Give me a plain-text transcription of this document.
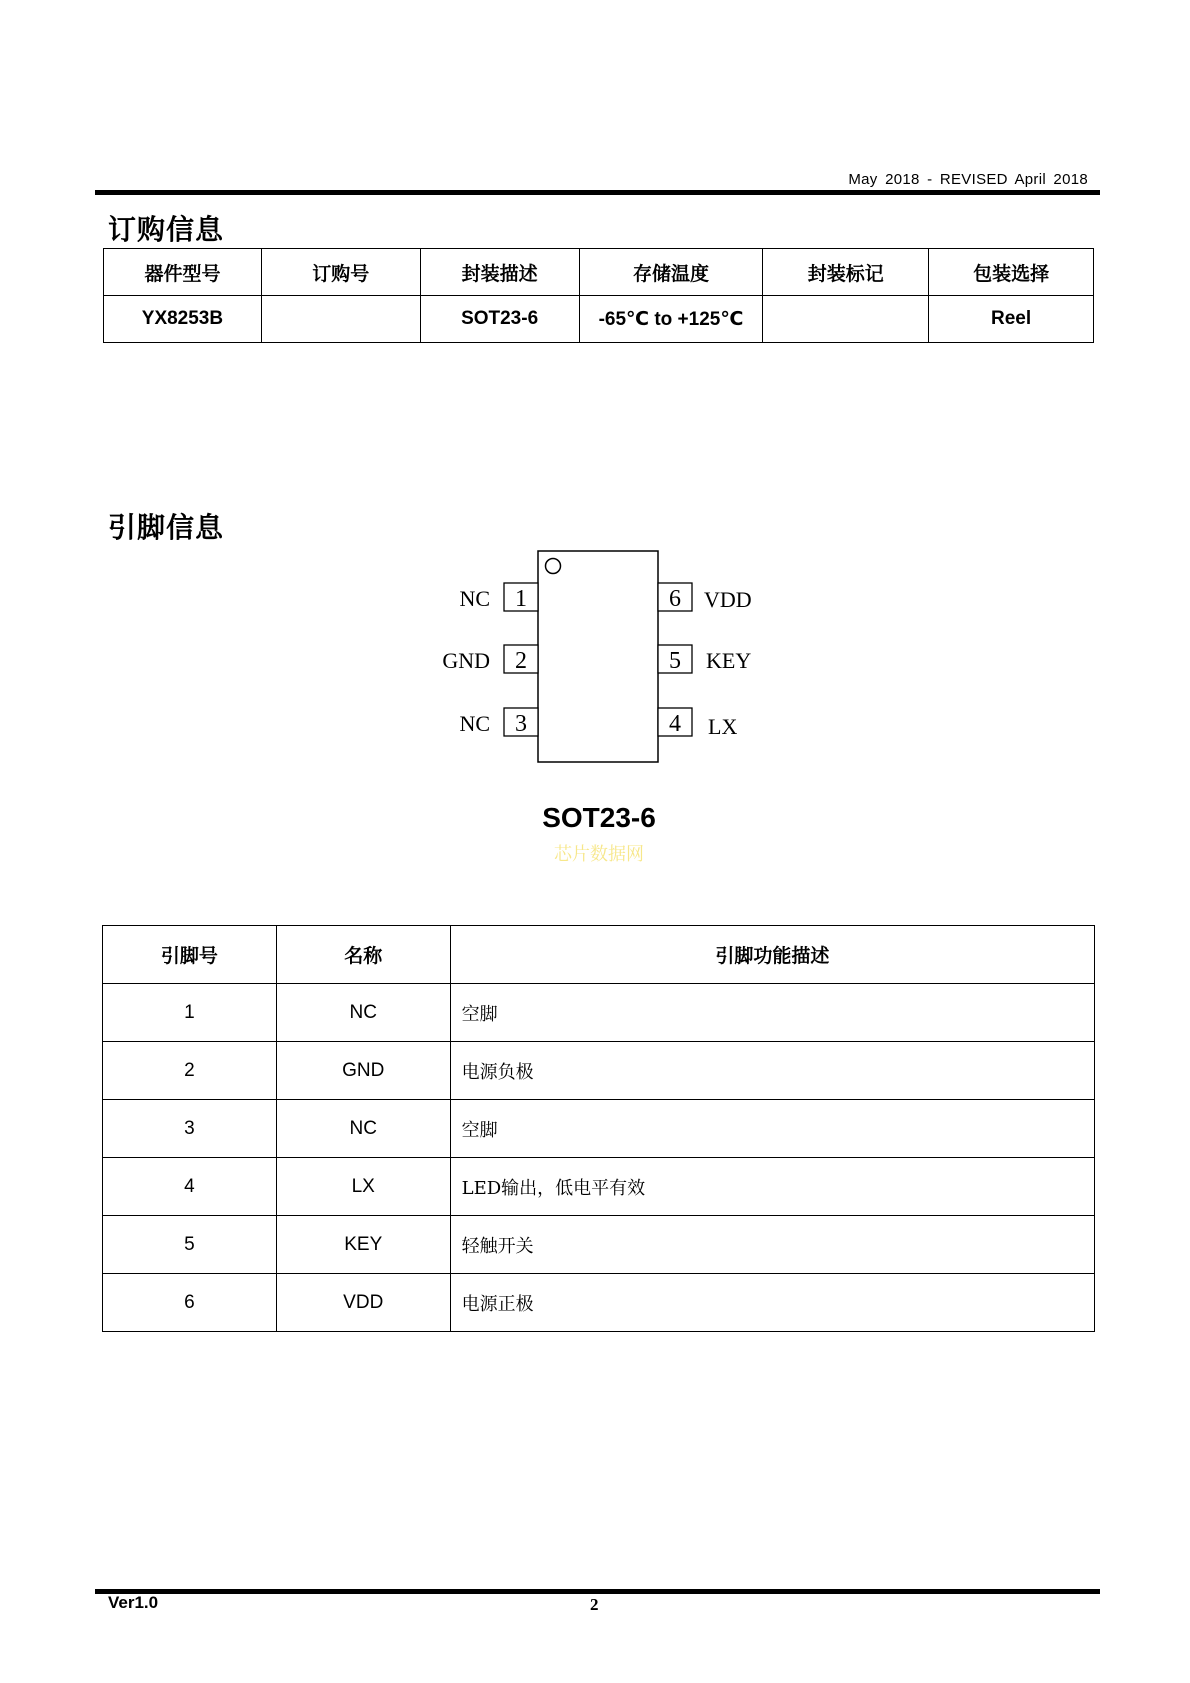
May 2018 - REVISED April 2018
订购信息
器件型号	订购号	封装描述	存储温度	封装标记	包装选择
YX8253B		SOT23-6	-65℃ to +125℃		Reel
引脚信息
1
NC
2
GND
3
NC
6 VDD
5 KEY
4 LX
SOT23-6
芯片数据网
引脚号	名称	引脚功能描述
1	NC	空脚
2	GND	电源负极
3	NC	空脚
4	LX	LED输出，低电平有效
5	KEY	轻触开关
6	VDD	电源正极
Ver1.0	2
